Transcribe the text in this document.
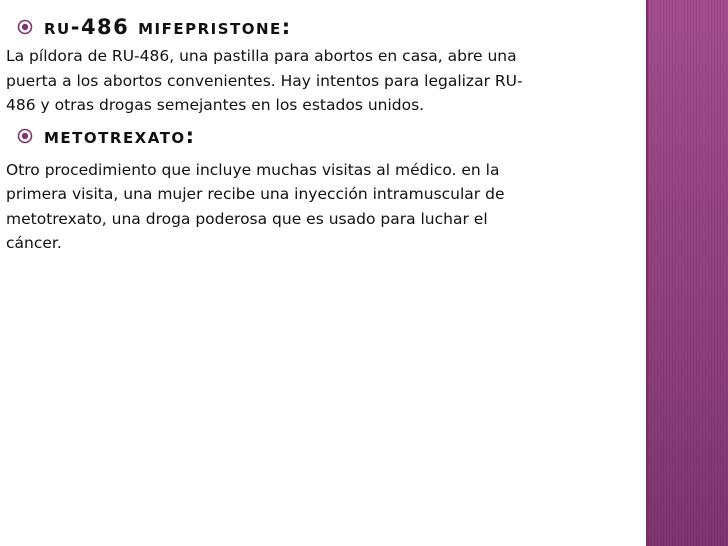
ru-486 mifepristone:

La píldora de RU-486, una pastilla para abortos en casa, abre una
puerta a los abortos convenientes. Hay intentos para legalizar RU-
486 y otras drogas semejantes en los estados unidos.

metotrexato:

Otro procedimiento que incluye muchas visitas al médico. en la
primera visita, una mujer recibe una inyección intramuscular de
metotrexato, una droga poderosa que es usado para luchar el
cáncer.
